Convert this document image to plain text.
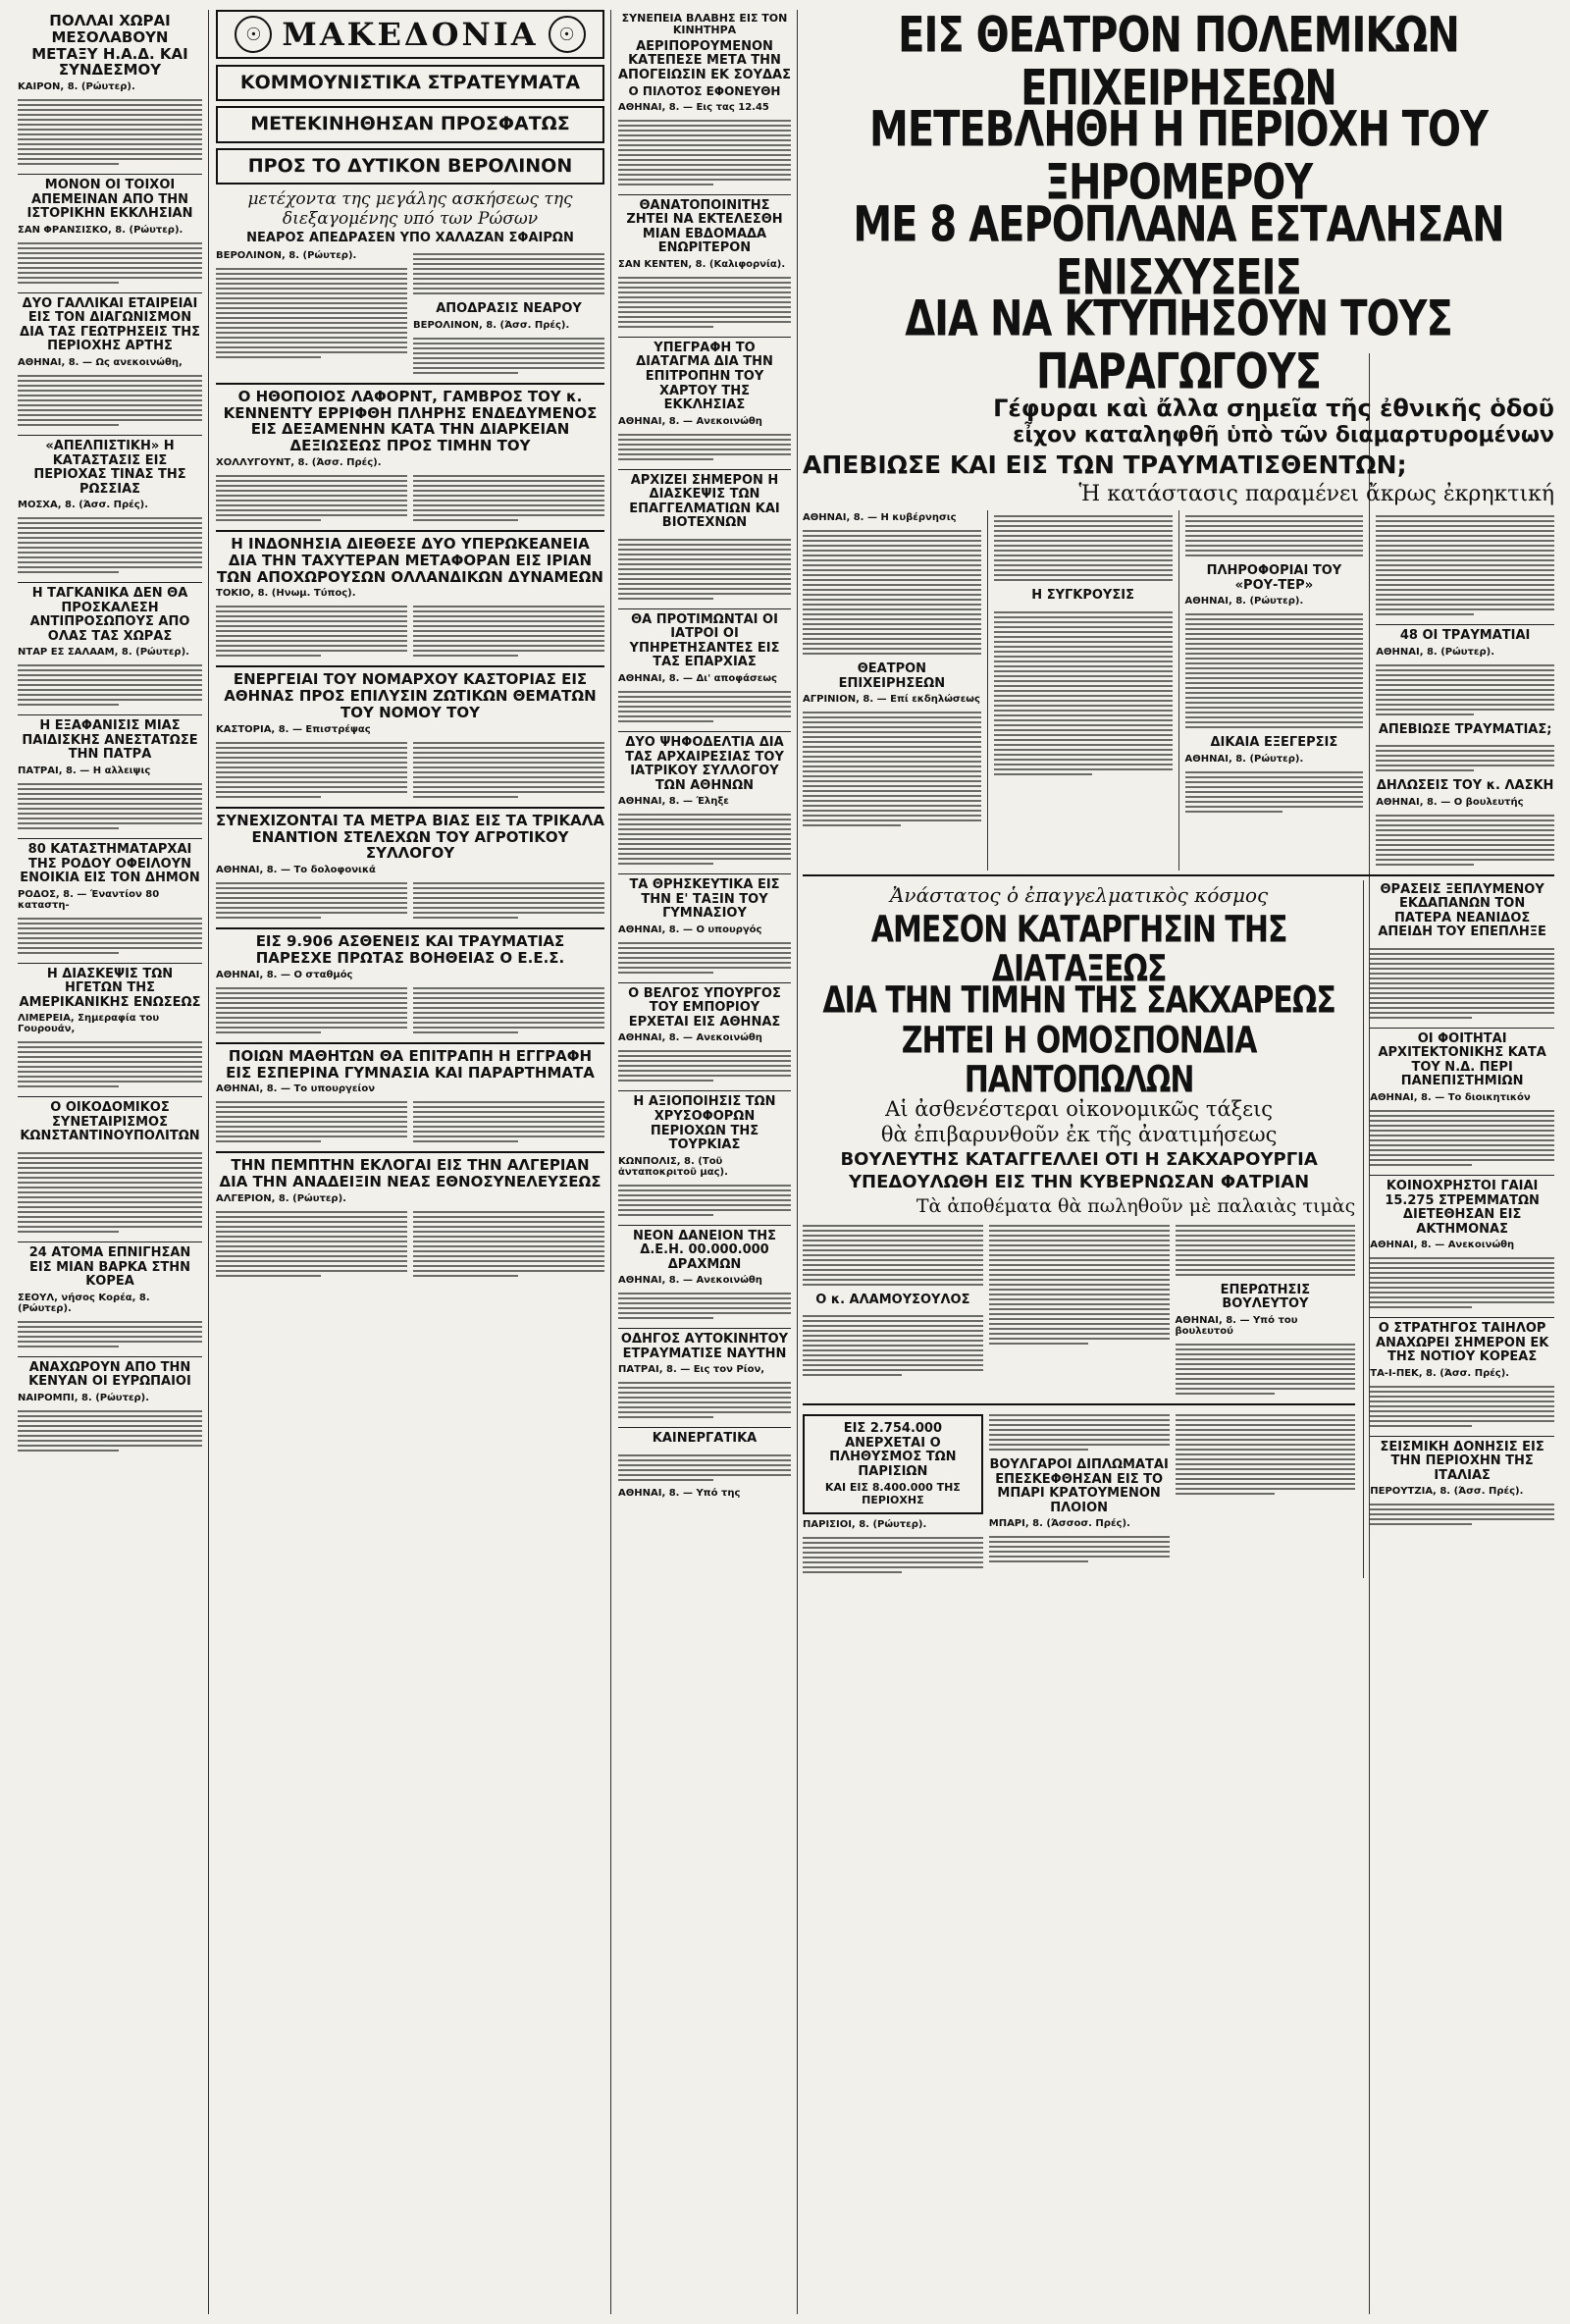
ΠΟΛΛΑΙ ΧΩΡΑΙ ΜΕΣΟΛΑΒΟΥΝ ΜΕΤΑΞΥ Η.Α.Δ. ΚΑΙ ΣΥΝΔΕΣΜΟΥ
ΚΑΙΡΟΝ, 8. (Ρώυτερ).
ΜΟΝΟΝ ΟΙ ΤΟΙΧΟΙ ΑΠΕΜΕΙΝΑΝ ΑΠΟ ΤΗΝ ΙΣΤΟΡΙΚΗΝ ΕΚΚΛΗΣΙΑΝ
ΣΑΝ ΦΡΑΝΣΙΣΚΟ, 8. (Ρώυτερ).
ΔΥΟ ΓΑΛΛΙΚΑΙ ΕΤΑΙΡΕΙΑΙ ΕΙΣ ΤΟΝ ΔΙΑΓΩΝΙΣΜΟΝ ΔΙΑ ΤΑΣ ΓΕΩΤΡΗΣΕΙΣ ΤΗΣ ΠΕΡΙΟΧΗΣ ΑΡΤΗΣ
ΑΘΗΝΑΙ, 8. — Ως ανεκοινώθη,
«ΑΠΕΛΠΙΣΤΙΚΗ» Η ΚΑΤΑΣΤΑΣΙΣ ΕΙΣ ΠΕΡΙΟΧΑΣ ΤΙΝΑΣ ΤΗΣ ΡΩΣΣΙΑΣ
ΜΟΣΧΑ, 8. (Άσσ. Πρές).
Η ΤΑΓΚΑΝΙΚΑ ΔΕΝ ΘΑ ΠΡΟΣΚΑΛΕΣΗ ΑΝΤΙΠΡΟΣΩΠΟΥΣ ΑΠΟ ΟΛΑΣ ΤΑΣ ΧΩΡΑΣ
ΝΤΑΡ ΕΣ ΣΑΛΑΑΜ, 8. (Ρώυτερ).
Η ΕΞΑΦΑΝΙΣΙΣ ΜΙΑΣ ΠΑΙΔΙΣΚΗΣ ΑΝΕΣΤΑΤΩΣΕ ΤΗΝ ΠΑΤΡΑ
ΠΑΤΡΑΙ, 8. — Η αλλειψις
80 ΚΑΤΑΣΤΗΜΑΤΑΡΧΑΙ ΤΗΣ ΡΟΔΟΥ ΟΦΕΙΛΟΥΝ ΕΝΟΙΚΙΑ ΕΙΣ ΤΟΝ ΔΗΜΟΝ
ΡΟΔΟΣ, 8. — Έναντίον 80 καταστη-
Η ΔΙΑΣΚΕΨΙΣ ΤΩΝ ΗΓΕΤΩΝ ΤΗΣ ΑΜΕΡΙΚΑΝΙΚΗΣ ΕΝΩΣΕΩΣ
ΛΙΜΕΡΕΙΑ, Σημεραφία του Γουρουάν,
Ο ΟΙΚΟΔΟΜΙΚΟΣ ΣΥΝΕΤΑΙΡΙΣΜΟΣ ΚΩΝΣΤΑΝΤΙΝΟΥΠΟΛΙΤΩΝ
24 ΑΤΟΜΑ ΕΠΝΙΓΗΣΑΝ ΕΙΣ ΜΙΑΝ ΒΑΡΚΑ ΣΤΗΝ ΚΟΡΕΑ
ΣΕΟΥΛ, νήσος Κορέα, 8. (Ρώυτερ).
ΑΝΑΧΩΡΟΥΝ ΑΠΟ ΤΗΝ ΚΕΝΥΑΝ ΟΙ ΕΥΡΩΠΑΙΟΙ
ΝΑΙΡΟΜΠΙ, 8. (Ρώυτερ).
☉ ΜΑΚΕΔΟΝΙΑ	☉
ΚΟΜΜΟΥΝΙΣΤΙΚΑ ΣΤΡΑΤΕΥΜΑΤΑ
ΜΕΤΕΚΙΝΗΘΗΣΑΝ ΠΡΟΣΦΑΤΩΣ
ΠΡΟΣ ΤΟ ΔΥΤΙΚΟΝ ΒΕΡΟΛΙΝΟΝ
μετέχοντα της μεγάλης ασκήσεως της διεξαγομένης υπό των Ρώσων
ΝΕΑΡΟΣ ΑΠΕΔΡΑΣΕΝ ΥΠΟ ΧΑΛΑΖΑΝ ΣΦΑΙΡΩΝ
ΒΕΡΟΛΙΝΟΝ, 8. (Ρώυτερ).
ΑΠΟΔΡΑΣΙΣ ΝΕΑΡΟΥ
ΒΕΡΟΛΙΝΟΝ, 8. (Άσσ. Πρές).
Ο ΗΘΟΠΟΙΟΣ ΛΑΦΟΡΝΤ, ΓΑΜΒΡΟΣ ΤΟΥ κ. ΚΕΝΝΕΝΤΥ ΕΡΡΙΦΘΗ ΠΛΗΡΗΣ ΕΝΔΕΔΥΜΕΝΟΣ ΕΙΣ ΔΕΞΑΜΕΝΗΝ ΚΑΤΑ ΤΗΝ ΔΙΑΡΚΕΙΑΝ ΔΕΞΙΩΣΕΩΣ ΠΡΟΣ ΤΙΜΗΝ ΤΟΥ
ΧΟΛΛΥΓΟΥΝΤ, 8. (Άσσ. Πρές).
Η ΙΝΔΟΝΗΣΙΑ ΔΙΕΘΕΣΕ ΔΥΟ ΥΠΕΡΩΚΕΑΝΕΙΑ ΔΙΑ ΤΗΝ ΤΑΧΥΤΕΡΑΝ ΜΕΤΑΦΟΡΑΝ ΕΙΣ ΙΡΙΑΝ ΤΩΝ ΑΠΟΧΩΡΟΥΣΩΝ ΟΛΛΑΝΔΙΚΩΝ ΔΥΝΑΜΕΩΝ
ΤΟΚΙΟ, 8. (Ηνωμ. Τύπος).
ΕΝΕΡΓΕΙΑΙ ΤΟΥ ΝΟΜΑΡΧΟΥ ΚΑΣΤΟΡΙΑΣ ΕΙΣ ΑΘΗΝΑΣ ΠΡΟΣ ΕΠΙΛΥΣΙΝ ΖΩΤΙΚΩΝ ΘΕΜΑΤΩΝ ΤΟΥ ΝΟΜΟΥ ΤΟΥ
ΚΑΣΤΟΡΙΑ, 8. — Επιστρέψας
ΣΥΝΕΧΙΖΟΝΤΑΙ ΤΑ ΜΕΤΡΑ ΒΙΑΣ ΕΙΣ ΤΑ ΤΡΙΚΑΛΑ ΕΝΑΝΤΙΟΝ ΣΤΕΛΕΧΩΝ ΤΟΥ ΑΓΡΟΤΙΚΟΥ ΣΥΛΛΟΓΟΥ
ΑΘΗΝΑΙ, 8. — Το δολοφονικά
ΕΙΣ 9.906 ΑΣΘΕΝΕΙΣ ΚΑΙ ΤΡΑΥΜΑΤΙΑΣ ΠΑΡΕΣΧΕ ΠΡΩΤΑΣ ΒΟΗΘΕΙΑΣ Ο Ε.Ε.Σ.
ΑΘΗΝΑΙ, 8. — Ο σταθμός
ΠΟΙΩΝ ΜΑΘΗΤΩΝ ΘΑ ΕΠΙΤΡΑΠΗ Η ΕΓΓΡΑΦΗ ΕΙΣ ΕΣΠΕΡΙΝΑ ΓΥΜΝΑΣΙΑ ΚΑΙ ΠΑΡΑΡΤΗΜΑΤΑ
ΑΘΗΝΑΙ, 8. — Το υπουργείον
ΤΗΝ ΠΕΜΠΤΗΝ ΕΚΛΟΓΑΙ ΕΙΣ ΤΗΝ ΑΛΓΕΡΙΑΝ ΔΙΑ ΤΗΝ ΑΝΑΔΕΙΞΙΝ ΝΕΑΣ ΕΘΝΟΣΥΝΕΛΕΥΣΕΩΣ
ΑΛΓΕΡΙΟΝ, 8. (Ρώυτερ).
ΣΥΝΕΠΕΙΑ ΒΛΑΒΗΣ ΕΙΣ ΤΟΝ ΚΙΝΗΤΗΡΑ
ΑΕΡΙΠΟΡΟΥΜΕΝΟΝ ΚΑΤΕΠΕΣΕ ΜΕΤΑ ΤΗΝ ΑΠΟΓΕΙΩΣΙΝ ΕΚ ΣΟΥΔΑΣ
Ο ΠΙΛΟΤΟΣ ΕΦΟΝΕΥΘΗ
ΑΘΗΝΑΙ, 8. — Εις τας 12.45
ΘΑΝΑΤΟΠΟΙΝΙΤΗΣ ΖΗΤΕΙ ΝΑ ΕΚΤΕΛΕΣΘΗ ΜΙΑΝ ΕΒΔΟΜΑΔΑ ΕΝΩΡΙΤΕΡΟΝ
ΣΑΝ ΚΕΝΤΕΝ, 8. (Καλιφορνία).
ΥΠΕΓΡΑΦΗ ΤΟ ΔΙΑΤΑΓΜΑ ΔΙΑ ΤΗΝ ΕΠΙΤΡΟΠΗΝ ΤΟΥ ΧΑΡΤΟΥ ΤΗΣ ΕΚΚΛΗΣΙΑΣ
ΑΘΗΝΑΙ, 8. — Ανεκοινώθη
ΑΡΧΙΖΕΙ ΣΗΜΕΡΟΝ Η ΔΙΑΣΚΕΨΙΣ ΤΩΝ ΕΠΑΓΓΕΛΜΑΤΙΩΝ ΚΑΙ ΒΙΟΤΕΧΝΩΝ
ΘΑ ΠΡΟΤΙΜΩΝΤΑΙ ΟΙ ΙΑΤΡΟΙ ΟΙ ΥΠΗΡΕΤΗΣΑΝΤΕΣ ΕΙΣ ΤΑΣ ΕΠΑΡΧΙΑΣ
ΑΘΗΝΑΙ, 8. — Δι' αποφάσεως
ΔΥΟ ΨΗΦΟΔΕΛΤΙΑ ΔΙΑ ΤΑΣ ΑΡΧΑΙΡΕΣΙΑΣ ΤΟΥ ΙΑΤΡΙΚΟΥ ΣΥΛΛΟΓΟΥ ΤΩΝ ΑΘΗΝΩΝ
ΑΘΗΝΑΙ, 8. — Έληξε
ΤΑ ΘΡΗΣΚΕΥΤΙΚΑ ΕΙΣ ΤΗΝ Ε' ΤΑΞΙΝ ΤΟΥ ΓΥΜΝΑΣΙΟΥ
ΑΘΗΝΑΙ, 8. — Ο υπουργός
Ο ΒΕΛΓΟΣ ΥΠΟΥΡΓΟΣ ΤΟΥ ΕΜΠΟΡΙΟΥ ΕΡΧΕΤΑΙ ΕΙΣ ΑΘΗΝΑΣ
ΑΘΗΝΑΙ, 8. — Ανεκοινώθη
Η ΑΞΙΟΠΟΙΗΣΙΣ ΤΩΝ ΧΡΥΣΟΦΟΡΩΝ ΠΕΡΙΟΧΩΝ ΤΗΣ ΤΟΥΡΚΙΑΣ
ΚΩΝΠΟΛΙΣ, 8. (Τοῦ ἀνταποκριτοῦ μας).
ΝΕΟΝ ΔΑΝΕΙΟΝ ΤΗΣ Δ.Ε.Η. 00.000.000 ΔΡΑΧΜΩΝ
ΑΘΗΝΑΙ, 8. — Ανεκοινώθη
ΟΔΗΓΟΣ ΑΥΤΟΚΙΝΗΤΟΥ ΕΤΡΑΥΜΑΤΙΣΕ ΝΑΥΤΗΝ
ΠΑΤΡΑΙ, 8. — Εις τον Ρίον,
ΚΑΙΝΕΡΓΑΤΙΚΑ
ΑΘΗΝΑΙ, 8. — Υπό της
ΕΙΣ ΘΕΑΤΡΟΝ ΠΟΛΕΜΙΚΩΝ ΕΠΙΧΕΙΡΗΣΕΩΝ
ΜΕΤΕΒΛΗΘΗ Η ΠΕΡΙΟΧΗ ΤΟΥ ΞΗΡΟΜΕΡΟΥ
ΜΕ 8 ΑΕΡΟΠΛΑΝΑ ΕΣΤΑΛΗΣΑΝ ΕΝΙΣΧΥΣΕΙΣ
ΔΙΑ ΝΑ ΚΤΥΠΗΣΟΥΝ ΤΟΥΣ ΠΑΡΑΓΩΓΟΥΣ
Γέφυραι καὶ ἄλλα σημεῖα τῆς ἐθνικῆς ὁδοῦ
εἶχον καταληφθῆ ὑπὸ τῶν διαμαρτυρομένων
ΑΠΕΒΙΩΣΕ ΚΑΙ ΕΙΣ ΤΩΝ ΤΡΑΥΜΑΤΙΣΘΕΝΤΩΝ;
Ἡ κατάστασις παραμένει ἄκρως ἐκρηκτική
ΑΘΗΝΑΙ, 8. — Η κυβέρνησις
ΘΕΑΤΡΟΝ ΕΠΙΧΕΙΡΗΣΕΩΝ
ΑΓΡΙΝΙΟΝ, 8. — Επί εκδηλώσεως
Η ΣΥΓΚΡΟΥΣΙΣ
ΠΛΗΡΟΦΟΡΙΑΙ ΤΟΥ «ΡΟΥ-ΤΕΡ»
ΑΘΗΝΑΙ, 8. (Ρώυτερ).
ΔΙΚΑΙΑ ΕΞΕΓΕΡΣΙΣ
ΑΘΗΝΑΙ, 8. (Ρώυτερ).
48 ΟΙ ΤΡΑΥΜΑΤΙΑΙ
ΑΘΗΝΑΙ, 8. (Ρώυτερ).
ΑΠΕΒΙΩΣΕ ΤΡΑΥΜΑΤΙΑΣ;
ΔΗΛΩΣΕΙΣ ΤΟΥ κ. ΛΑΣΚΗ
ΑΘΗΝΑΙ, 8. — Ο βουλευτής
Ἀνάστατος ὁ ἐπαγγελματικὸς κόσμος
ΑΜΕΣΟΝ ΚΑΤΑΡΓΗΣΙΝ ΤΗΣ ΔΙΑΤΑΞΕΩΣ
ΔΙΑ ΤΗΝ ΤΙΜΗΝ ΤΗΣ ΣΑΚΧΑΡΕΩΣ
ΖΗΤΕΙ Η ΟΜΟΣΠΟΝΔΙΑ ΠΑΝΤΟΠΩΛΩΝ
Αἱ ἀσθενέστεραι οἰκονομικῶς τάξεις
θὰ ἐπιβαρυνθοῦν ἐκ τῆς ἀνατιμήσεως
ΒΟΥΛΕΥΤΗΣ ΚΑΤΑΓΓΕΛΛΕΙ ΟΤΙ Η ΣΑΚΧΑΡΟΥΡΓΙΑ
ΥΠΕΔΟΥΛΩΘΗ ΕΙΣ ΤΗΝ ΚΥΒΕΡΝΩΣΑΝ ΦΑΤΡΙΑΝ
Τὰ ἀποθέματα θὰ πωληθοῦν μὲ παλαιὰς τιμὰς
Ο κ. ΑΛΑΜΟΥΣΟΥΛΟΣ
ΕΠΕΡΩΤΗΣΙΣ ΒΟΥΛΕΥΤΟΥ
ΑΘΗΝΑΙ, 8. — Υπό του βουλευτού
ΕΙΣ 2.754.000 ΑΝΕΡΧΕΤΑΙ Ο ΠΛΗΘΥΣΜΟΣ ΤΩΝ ΠΑΡΙΣΙΩΝ
ΚΑΙ ΕΙΣ 8.400.000 ΤΗΣ ΠΕΡΙΟΧΗΣ
ΠΑΡΙΣΙΟΙ, 8. (Ρώυτερ).
ΒΟΥΛΓΑΡΟΙ ΔΙΠΛΩΜΑΤΑΙ ΕΠΕΣΚΕΦΘΗΣΑΝ ΕΙΣ ΤΟ ΜΠΑΡΙ ΚΡΑΤΟΥΜΕΝΟΝ ΠΛΟΙΟΝ
ΜΠΑΡΙ, 8. (Άσσοσ. Πρές).
ΘΡΑΣΕΙΣ ΞΕΠΛΥΜΕΝΟΥ ΕΚΔΑΠΑΝΩΝ ΤΟΝ ΠΑΤΕΡΑ ΝΕΑΝΙΔΟΣ ΑΠΕΙΔΗ ΤΟΥ ΕΠΕΠΛΗΞΕ
ΟΙ ΦΟΙΤΗΤΑΙ ΑΡΧΙΤΕΚΤΟΝΙΚΗΣ ΚΑΤΑ ΤΟΥ Ν.Δ. ΠΕΡΙ ΠΑΝΕΠΙΣΤΗΜΙΩΝ
ΑΘΗΝΑΙ, 8. — Το διοικητικόν
ΚΟΙΝΟΧΡΗΣΤΟΙ ΓΑΙΑΙ 15.275 ΣΤΡΕΜΜΑΤΩΝ ΔΙΕΤΕΘΗΣΑΝ ΕΙΣ ΑΚΤΗΜΟΝΑΣ
ΑΘΗΝΑΙ, 8. — Ανεκοινώθη
Ο ΣΤΡΑΤΗΓΟΣ ΤΑΙΗΛΟΡ ΑΝΑΧΩΡΕΙ ΣΗΜΕΡΟΝ ΕΚ ΤΗΣ ΝΟΤΙΟΥ ΚΟΡΕΑΣ
ΤΑ-Ι-ΠΕΚ, 8. (Άσσ. Πρές).
ΣΕΙΣΜΙΚΗ ΔΟΝΗΣΙΣ ΕΙΣ ΤΗΝ ΠΕΡΙΟΧΗΝ ΤΗΣ ΙΤΑΛΙΑΣ
ΠΕΡΟΥΤΖΙΑ, 8. (Άσσ. Πρές).
